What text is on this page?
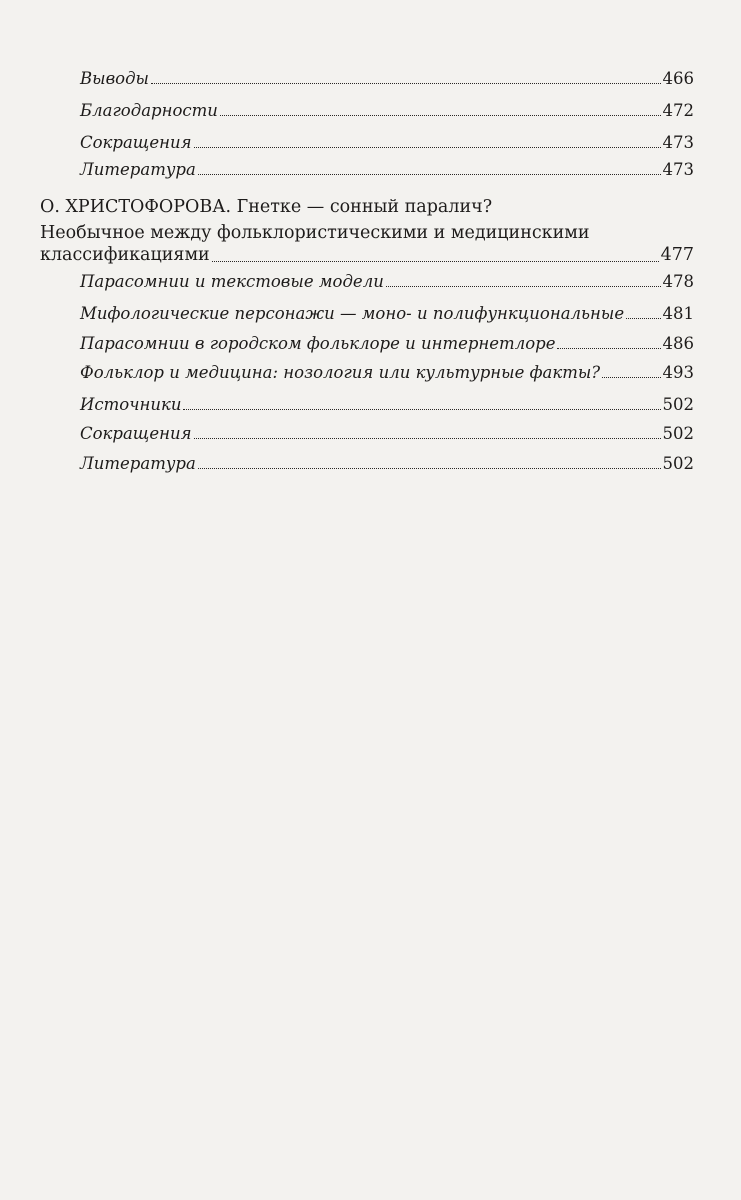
Выводы	466
Благодарности	472
Сокращения	473
Литература	473
О. ХРИСТОФОРОВА. Гнетке — сонный паралич?
Необычное между фольклористическими и медицинскими
классификациями	477
Парасомнии и текстовые модели	478
Мифологические персонажи — моно- и полифункциональные 481
Парасомнии в городском фольклоре и интернетлоре	486
Фольклор и медицина: нозология или культурные факты?	493
Источники	502
Сокращения	502
Литература	502
